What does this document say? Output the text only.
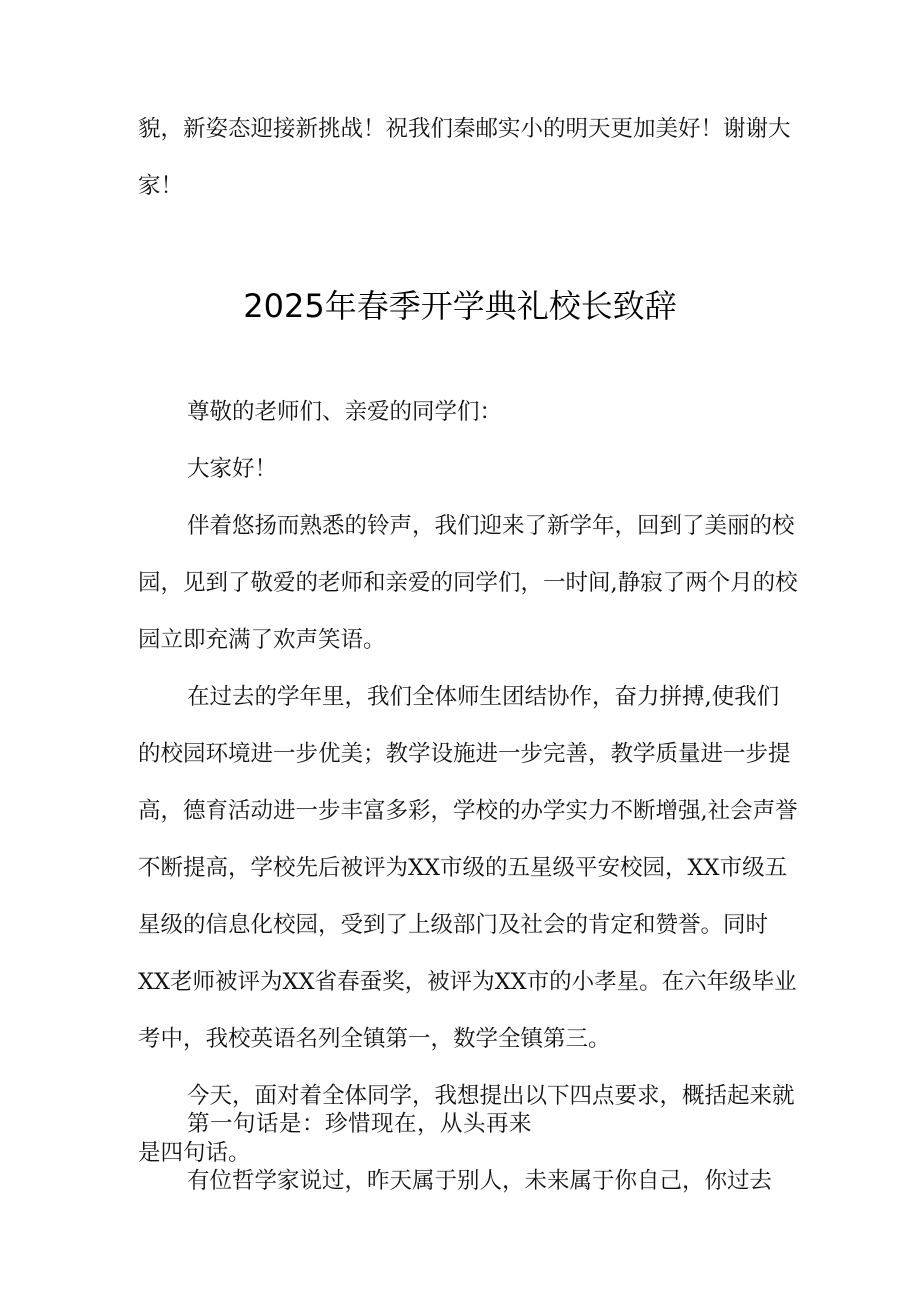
貌，新姿态迎接新挑战！祝我们秦邮实小的明天更加美好！谢谢大家！

2025年春季开学典礼校长致辞

尊敬的老师们、亲爱的同学们：

大家好！

伴着悠扬而熟悉的铃声，我们迎来了新学年，回到了美丽的校园，见到了敬爱的老师和亲爱的同学们，一时间,静寂了两个月的校园立即充满了欢声笑语。

在过去的学年里，我们全体师生团结协作，奋力拼搏,使我们的校园环境进一步优美；教学设施进一步完善，教学质量进一步提高，德育活动进一步丰富多彩，学校的办学实力不断增强,社会声誉不断提高，学校先后被评为XX市级的五星级平安校园，XX市级五星级的信息化校园，受到了上级部门及社会的肯定和赞誉。同时XX老师被评为XX省春蚕奖，被评为XX市的小孝星。在六年级毕业考中，我校英语名列全镇第一，数学全镇第三。

今天，面对着全体同学，我想提出以下四点要求，概括起来就是四句话。

第一句话是：珍惜现在，从头再来

有位哲学家说过，昨天属于别人，未来属于你自己，你过去
